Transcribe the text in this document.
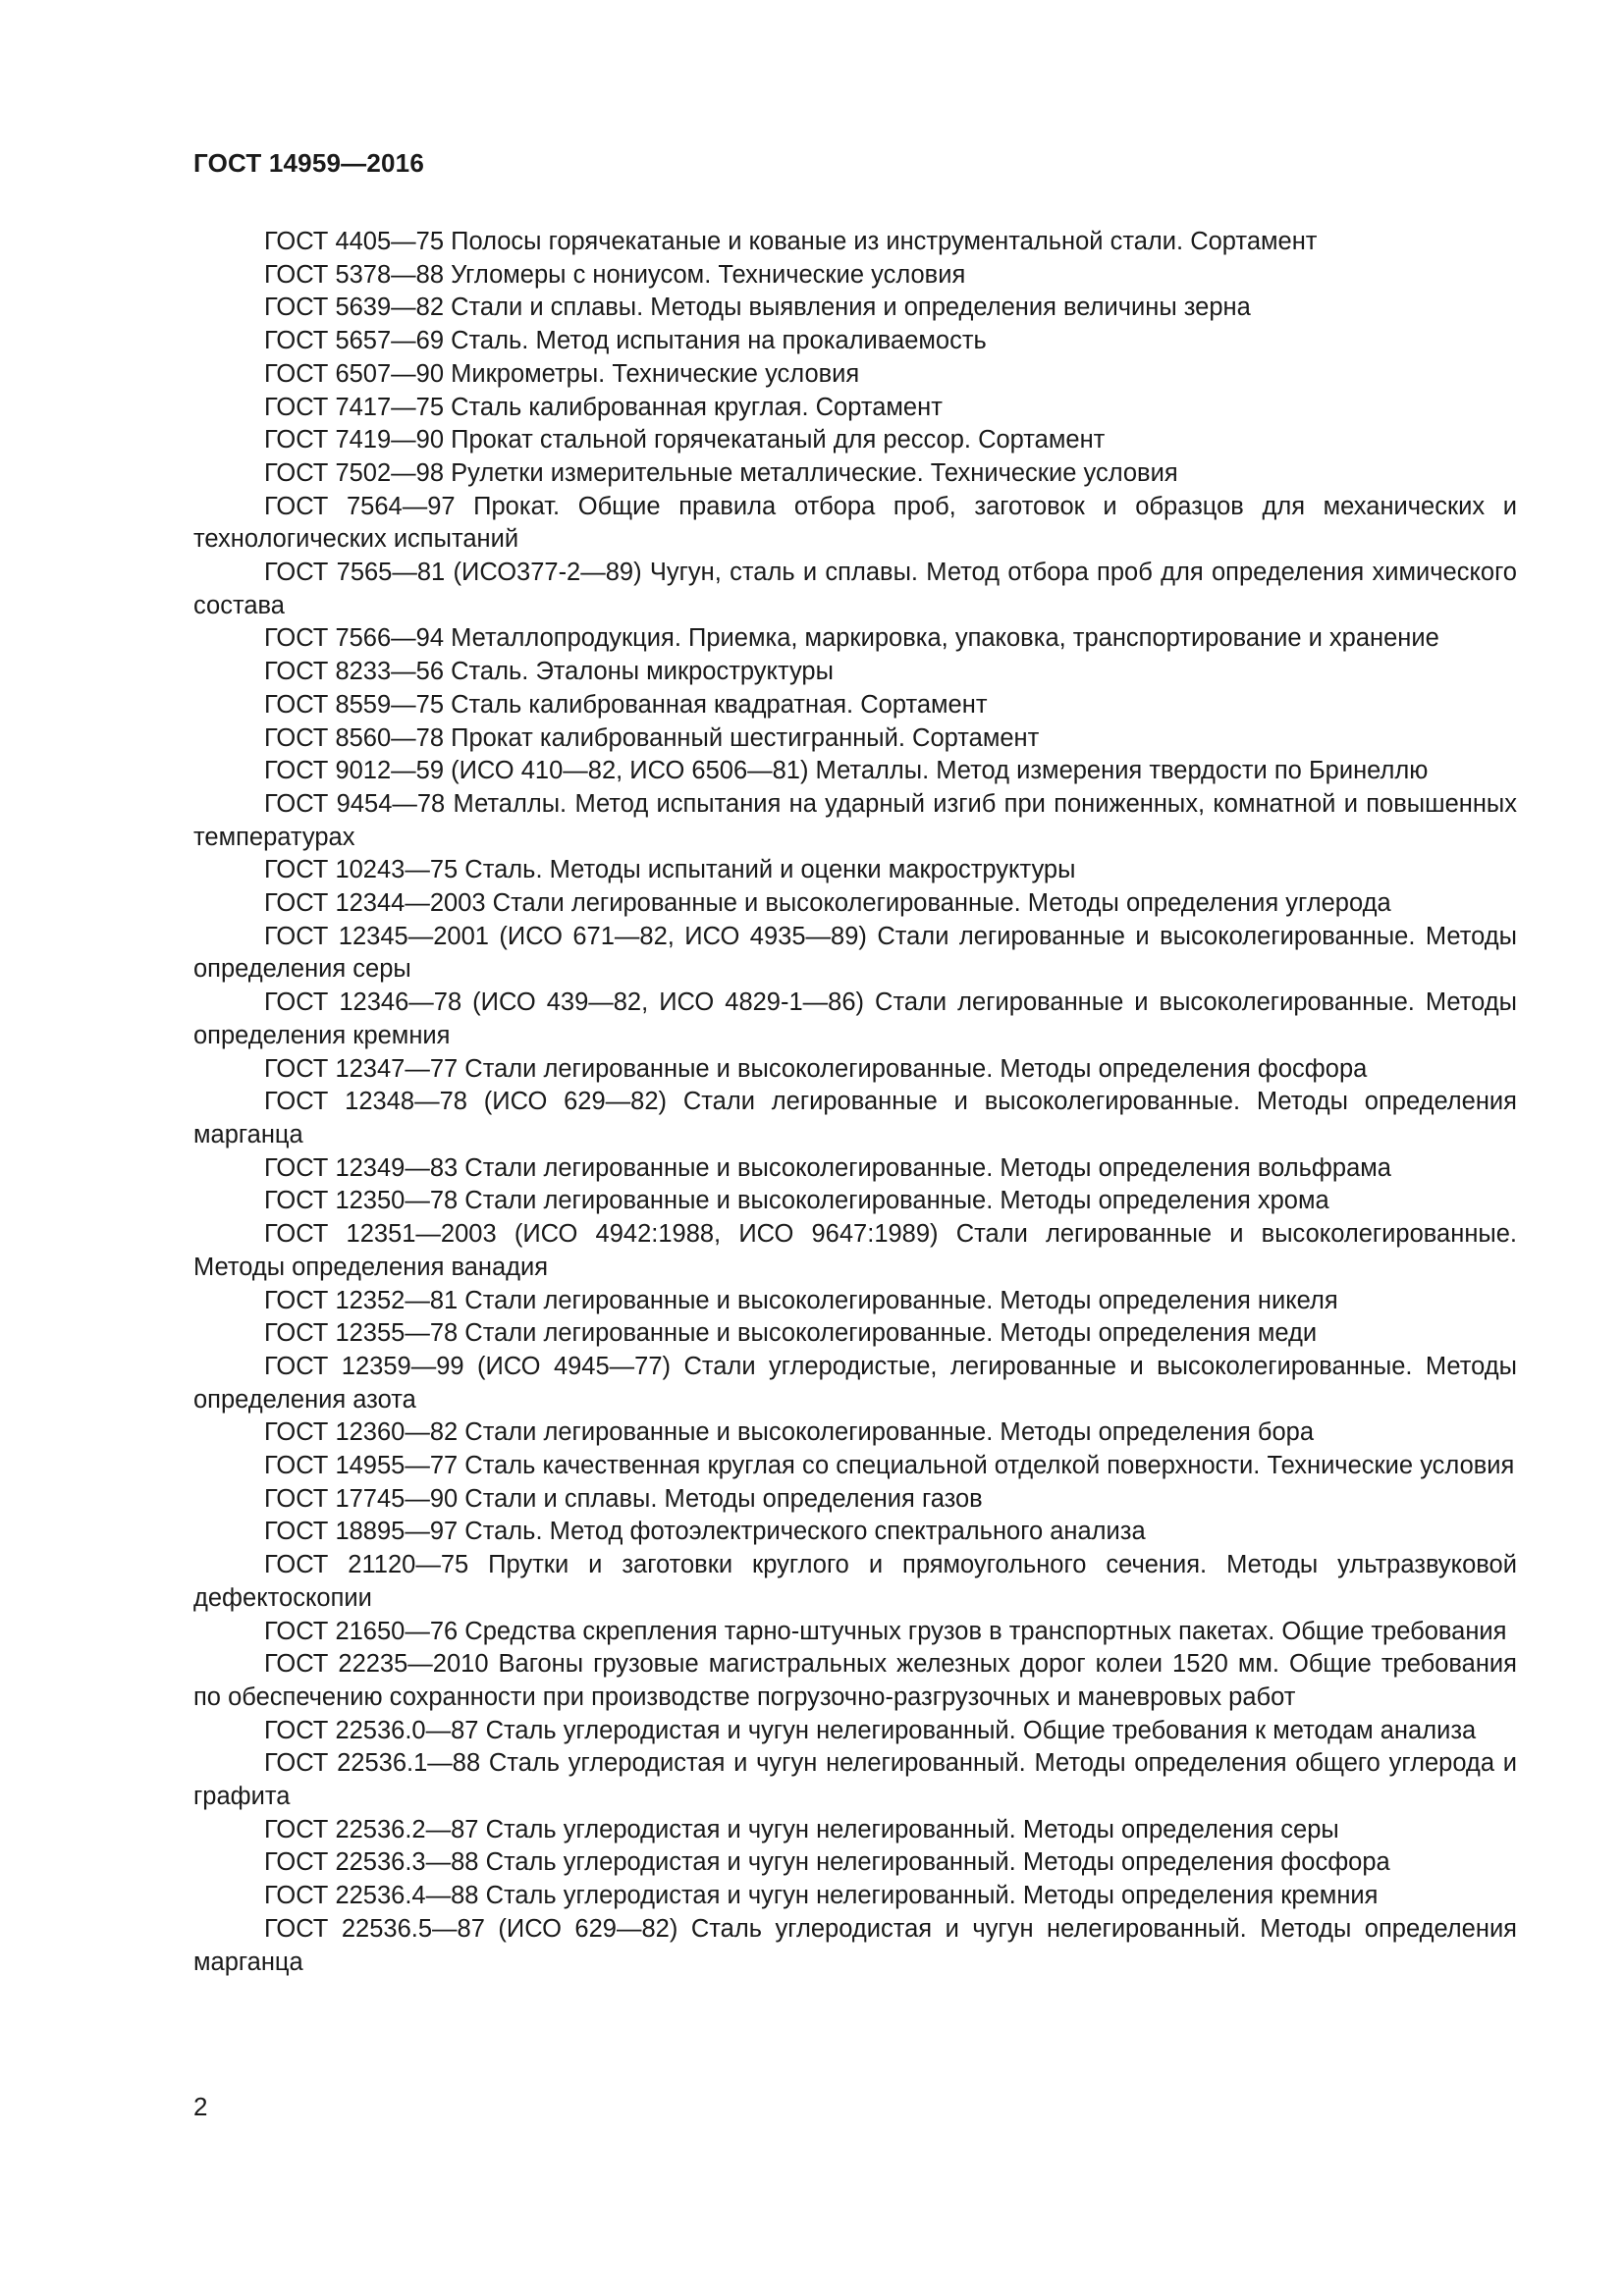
ГОСТ 14959—2016
ГОСТ 4405—75 Полосы горячекатаные и кованые из инструментальной стали. Сортамент
ГОСТ 5378—88 Угломеры с нониусом. Технические условия
ГОСТ 5639—82 Стали и сплавы. Методы выявления и определения величины зерна
ГОСТ 5657—69 Сталь. Метод испытания на прокаливаемость
ГОСТ 6507—90 Микрометры. Технические условия
ГОСТ 7417—75 Сталь калиброванная круглая. Сортамент
ГОСТ 7419—90 Прокат стальной горячекатаный для рессор. Сортамент
ГОСТ 7502—98 Рулетки измерительные металлические. Технические условия
ГОСТ 7564—97 Прокат. Общие правила отбора проб, заготовок и образцов для механических и технологических испытаний
ГОСТ 7565—81 (ИСО377-2—89) Чугун, сталь и сплавы. Метод отбора проб для определения химического состава
ГОСТ 7566—94 Металлопродукция. Приемка, маркировка, упаковка, транспортирование и хранение
ГОСТ 8233—56 Сталь. Эталоны микроструктуры
ГОСТ 8559—75 Сталь калиброванная квадратная. Сортамент
ГОСТ 8560—78 Прокат калиброванный шестигранный. Сортамент
ГОСТ 9012—59 (ИСО 410—82, ИСО 6506—81) Металлы. Метод измерения твердости по Бринеллю
ГОСТ 9454—78 Металлы. Метод испытания на ударный изгиб при пониженных, комнатной и повышенных температурах
ГОСТ 10243—75 Сталь. Методы испытаний и оценки макроструктуры
ГОСТ 12344—2003 Стали легированные и высоколегированные. Методы определения углерода
ГОСТ 12345—2001 (ИСО 671—82, ИСО 4935—89) Стали легированные и высоколегированные. Методы определения серы
ГОСТ 12346—78 (ИСО 439—82, ИСО 4829-1—86) Стали легированные и высоколегированные. Методы определения кремния
ГОСТ 12347—77 Стали легированные и высоколегированные. Методы определения фосфора
ГОСТ 12348—78 (ИСО 629—82) Стали легированные и высоколегированные. Методы определения марганца
ГОСТ 12349—83 Стали легированные и высоколегированные. Методы определения вольфрама
ГОСТ 12350—78 Стали легированные и высоколегированные. Методы определения хрома
ГОСТ 12351—2003 (ИСО 4942:1988, ИСО 9647:1989) Стали легированные и высоколегированные. Методы определения ванадия
ГОСТ 12352—81 Стали легированные и высоколегированные. Методы определения никеля
ГОСТ 12355—78 Стали легированные и высоколегированные. Методы определения меди
ГОСТ 12359—99 (ИСО 4945—77) Стали углеродистые, легированные и высоколегированные. Методы определения азота
ГОСТ 12360—82 Стали легированные и высоколегированные. Методы определения бора
ГОСТ 14955—77 Сталь качественная круглая со специальной отделкой поверхности. Технические условия
ГОСТ 17745—90 Стали и сплавы. Методы определения газов
ГОСТ 18895—97 Сталь. Метод фотоэлектрического спектрального анализа
ГОСТ 21120—75 Прутки и заготовки круглого и прямоугольного сечения. Методы ультразвуковой дефектоскопии
ГОСТ 21650—76 Средства скрепления тарно-штучных грузов в транспортных пакетах. Общие требования
ГОСТ 22235—2010 Вагоны грузовые магистральных железных дорог колеи 1520 мм. Общие требования по обеспечению сохранности при производстве погрузочно-разгрузочных и маневровых работ
ГОСТ 22536.0—87 Сталь углеродистая и чугун нелегированный. Общие требования к методам анализа
ГОСТ 22536.1—88 Сталь углеродистая и чугун нелегированный. Методы определения общего углерода и графита
ГОСТ 22536.2—87 Сталь углеродистая и чугун нелегированный. Методы определения серы
ГОСТ 22536.3—88 Сталь углеродистая и чугун нелегированный. Методы определения фосфора
ГОСТ 22536.4—88 Сталь углеродистая и чугун нелегированный. Методы определения кремния
ГОСТ 22536.5—87 (ИСО 629—82) Сталь углеродистая и чугун нелегированный. Методы определения марганца
2
